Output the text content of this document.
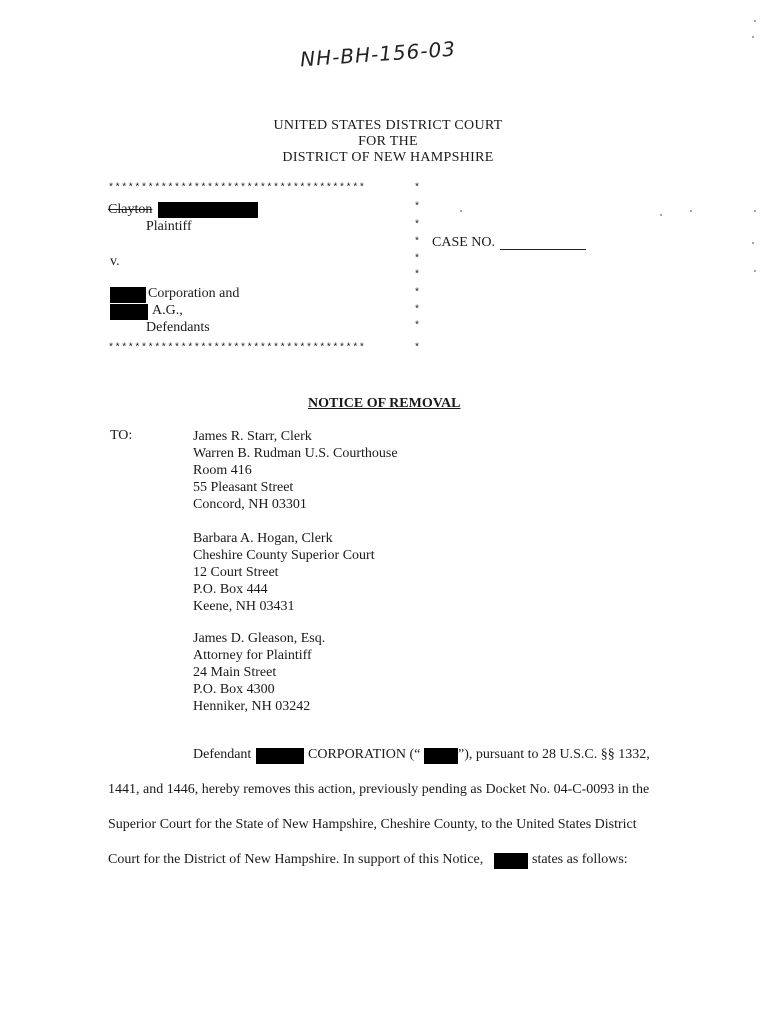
NH-BH-156-03
UNITED STATES DISTRICT COURT
FOR THE
DISTRICT OF NEW HAMPSHIRE
***************************************	*
***************************************	*
*
*
*
*
*
*
*
*
Clayton
Plaintiff
v.
Corporation and
A.G.,
Defendants
CASE NO.
NOTICE OF REMOVAL
TO:	James R. Starr, Clerk
Warren B. Rudman U.S. Courthouse
Room 416
55 Pleasant Street
Concord, NH 03301
Barbara A. Hogan, Clerk
Cheshire County Superior Court
12 Court Street
P.O. Box 444
Keene, NH 03431
James D. Gleason, Esq.
Attorney for Plaintiff
24 Main Street
P.O. Box 4300
Henniker, NH 03242
Defendant	CORPORATION (“	”), pursuant to 28 U.S.C. §§ 1332,
1441, and 1446, hereby removes this action, previously pending as Docket No. 04-C-0093 in the
Superior Court for the State of New Hampshire, Cheshire County, to the United States District
Court for the District of New Hampshire. In support of this Notice,	states as follows:
